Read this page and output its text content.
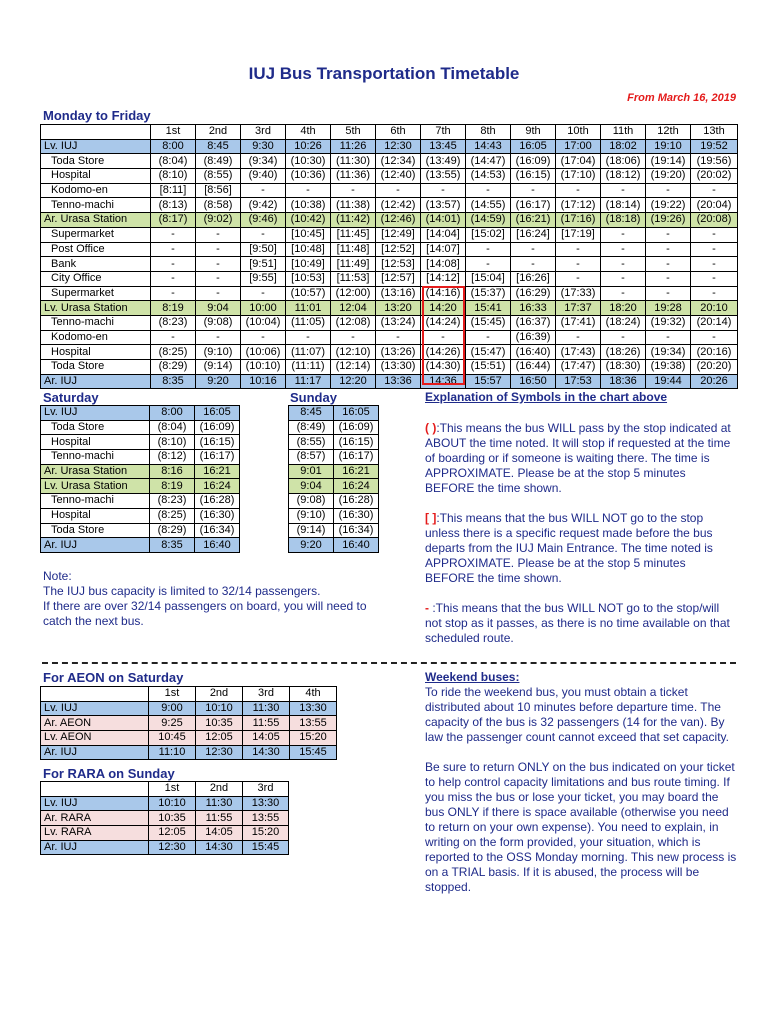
IUJ Bus Transportation Timetable
From March 16, 2019
Monday to Friday
	1st	2nd	3rd	4th	5th	6th	7th	8th	9th	10th	11th	12th	13th
Lv. IUJ	8:00	8:45	9:30	10:26	11:26	12:30	13:45	14:43	16:05	17:00	18:02	19:10	19:52
Toda Store	(8:04)	(8:49)	(9:34)	(10:30)	(11:30)	(12:34)	(13:49)	(14:47)	(16:09)	(17:04)	(18:06)	(19:14)	(19:56)
Hospital	(8:10)	(8:55)	(9:40)	(10:36)	(11:36)	(12:40)	(13:55)	(14:53)	(16:15)	(17:10)	(18:12)	(19:20)	(20:02)
Kodomo-en	[8:11]	[8:56]	-	-	-	-	-	-	-	-	-	-	-
Tenno-machi	(8:13)	(8:58)	(9:42)	(10:38)	(11:38)	(12:42)	(13:57)	(14:55)	(16:17)	(17:12)	(18:14)	(19:22)	(20:04)
Ar. Urasa Station	(8:17)	(9:02)	(9:46)	(10:42)	(11:42)	(12:46)	(14:01)	(14:59)	(16:21)	(17:16)	(18:18)	(19:26)	(20:08)
Supermarket	-	-	-	[10:45]	[11:45]	[12:49]	[14:04]	[15:02]	[16:24]	[17:19]	-	-	-
Post Office	-	-	[9:50]	[10:48]	[11:48]	[12:52]	[14:07]	-	-	-	-	-	-
Bank	-	-	[9:51]	[10:49]	[11:49]	[12:53]	[14:08]	-	-	-	-	-	-
City Office	-	-	[9:55]	[10:53]	[11:53]	[12:57]	[14:12]	[15:04]	[16:26]	-	-	-	-
Supermarket	-	-	-	(10:57)	(12:00)	(13:16)	(14:16)	(15:37)	(16:29)	(17:33)	-	-	-
Lv. Urasa Station	8:19	9:04	10:00	11:01	12:04	13:20	14:20	15:41	16:33	17:37	18:20	19:28	20:10
Tenno-machi	(8:23)	(9:08)	(10:04)	(11:05)	(12:08)	(13:24)	(14:24)	(15:45)	(16:37)	(17:41)	(18:24)	(19:32)	(20:14)
Kodomo-en	-	-	-	-	-	-	-	-	(16:39)	-	-	-	-
Hospital	(8:25)	(9:10)	(10:06)	(11:07)	(12:10)	(13:26)	(14:26)	(15:47)	(16:40)	(17:43)	(18:26)	(19:34)	(20:16)
Toda Store	(8:29)	(9:14)	(10:10)	(11:11)	(12:14)	(13:30)	(14:30)	(15:51)	(16:44)	(17:47)	(18:30)	(19:38)	(20:20)
Ar. IUJ	8:35	9:20	10:16	11:17	12:20	13:36	14:36	15:57	16:50	17:53	18:36	19:44	20:26
Saturday
Lv. IUJ	8:00	16:05
Toda Store	(8:04)	(16:09)
Hospital	(8:10)	(16:15)
Tenno-machi	(8:12)	(16:17)
Ar. Urasa Station	8:16	16:21
Lv. Urasa Station	8:19	16:24
Tenno-machi	(8:23)	(16:28)
Hospital	(8:25)	(16:30)
Toda Store	(8:29)	(16:34)
Ar. IUJ	8:35	16:40
Sunday
8:45	16:05
(8:49)	(16:09)
(8:55)	(16:15)
(8:57)	(16:17)
9:01	16:21
9:04	16:24
(9:08)	(16:28)
(9:10)	(16:30)
(9:14)	(16:34)
9:20	16:40
Note:
The IUJ bus capacity is limited to 32/14 passengers.
If there are over 32/14 passengers on board, you will need to catch the next bus.
Explanation of Symbols in the chart above
( ):This means the bus WILL pass by the stop indicated at ABOUT the time noted. It will stop if requested at the time of boarding or if someone is waiting there. The time is APPROXIMATE. Please be at the stop 5 minutes BEFORE the time shown.
[ ]:This means that the bus WILL NOT go to the stop unless there is a specific request made before the bus departs from the IUJ Main Entrance. The time noted is APPROXIMATE. Please be at the stop 5 minutes BEFORE the time shown.
- :This means that the bus WILL NOT go to the stop/will not stop as it passes, as there is no time available on that scheduled route.
For AEON on Saturday
	1st	2nd	3rd	4th
Lv. IUJ	9:00	10:10	11:30	13:30
Ar. AEON	9:25	10:35	11:55	13:55
Lv. AEON	10:45	12:05	14:05	15:20
Ar. IUJ	11:10	12:30	14:30	15:45
For RARA on Sunday
	1st	2nd	3rd
Lv. IUJ	10:10	11:30	13:30
Ar. RARA	10:35	11:55	13:55
Lv. RARA	12:05	14:05	15:20
Ar. IUJ	12:30	14:30	15:45
Weekend buses:
To ride the weekend bus, you must obtain a ticket distributed about 10 minutes before departure time. The capacity of the bus is 32 passengers (14 for the van). By law the passenger count cannot exceed that set capacity.
Be sure to return ONLY on the bus indicated on your ticket to help control capacity limitations and bus route timing. If you miss the bus or lose your ticket, you may board the bus ONLY if there is space available (otherwise you need to return on your own expense). You need to explain, in writing on the form provided, your situation, which is reported to the OSS Monday morning. This new process is on a TRIAL basis. If it is abused, the process will be stopped.
